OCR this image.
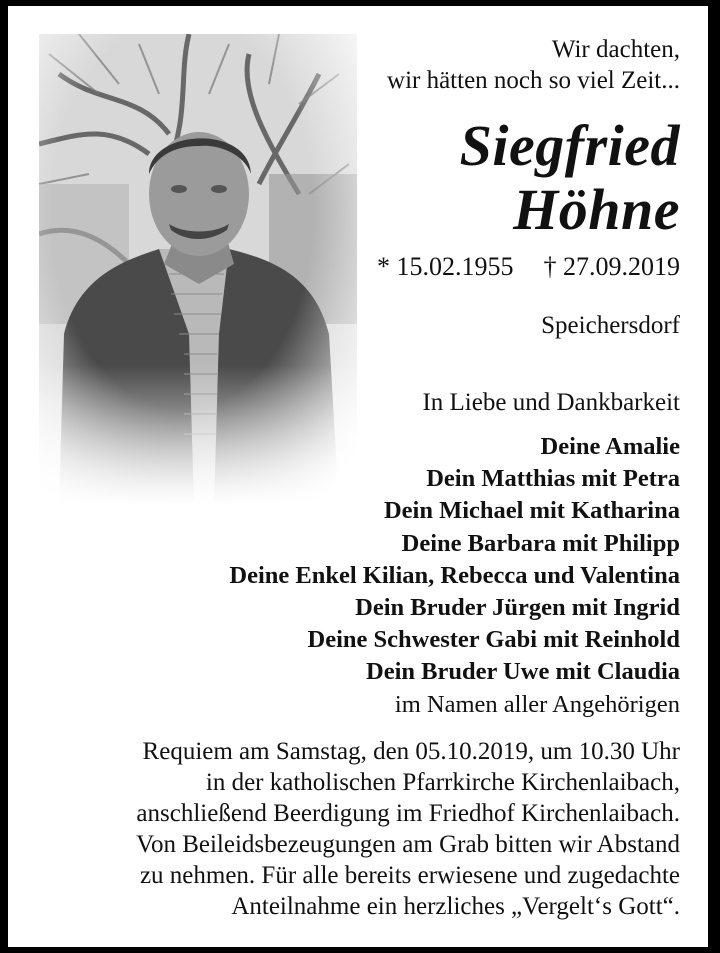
Wir dachten,
wir hätten noch so viel Zeit...
Siegfried
Höhne
* 15.02.1955 † 27.09.2019
Speichersdorf
In Liebe und Dankbarkeit
Deine Amalie
Dein Matthias mit Petra
Dein Michael mit Katharina
Deine Barbara mit Philipp
Deine Enkel Kilian, Rebecca und Valentina
Dein Bruder Jürgen mit Ingrid
Deine Schwester Gabi mit Reinhold
Dein Bruder Uwe mit Claudia
im Namen aller Angehörigen
Requiem am Samstag, den 05.10.2019, um 10.30 Uhr
in der katholischen Pfarrkirche Kirchenlaibach,
anschließend Beerdigung im Friedhof Kirchenlaibach.
Von Beileidsbezeugungen am Grab bitten wir Abstand
zu nehmen. Für alle bereits erwiesene und zugedachte
Anteilnahme ein herzliches „Vergelt‘s Gott“.
